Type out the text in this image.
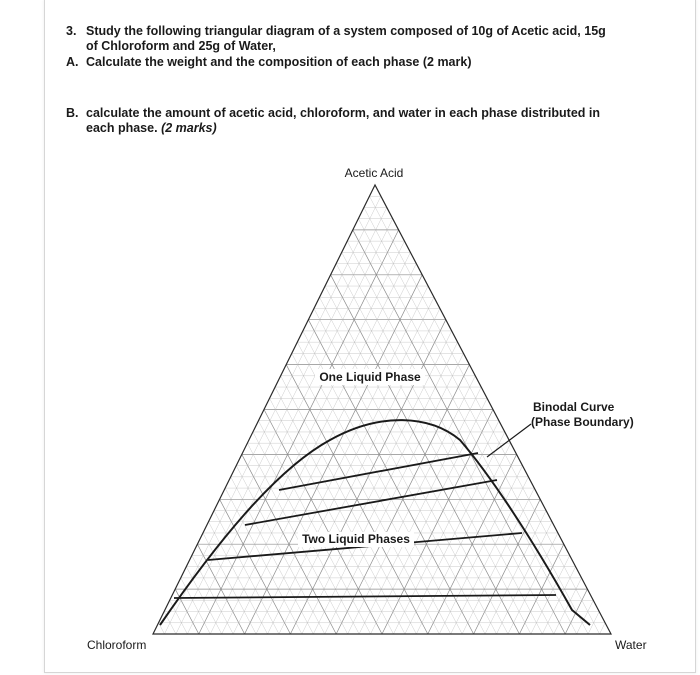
3. Study the following triangular diagram of a system composed of 10g of Acetic acid, 15g
of Chloroform and 25g of Water,
A. Calculate the weight and the composition of each phase (2 mark)
B. calculate the amount of acetic acid, chloroform, and water in each phase distributed in
each phase. (2 marks)
Acetic Acid
Chloroform	Water
One Liquid Phase
Two Liquid Phases
Binodal Curve
(Phase Boundary)
